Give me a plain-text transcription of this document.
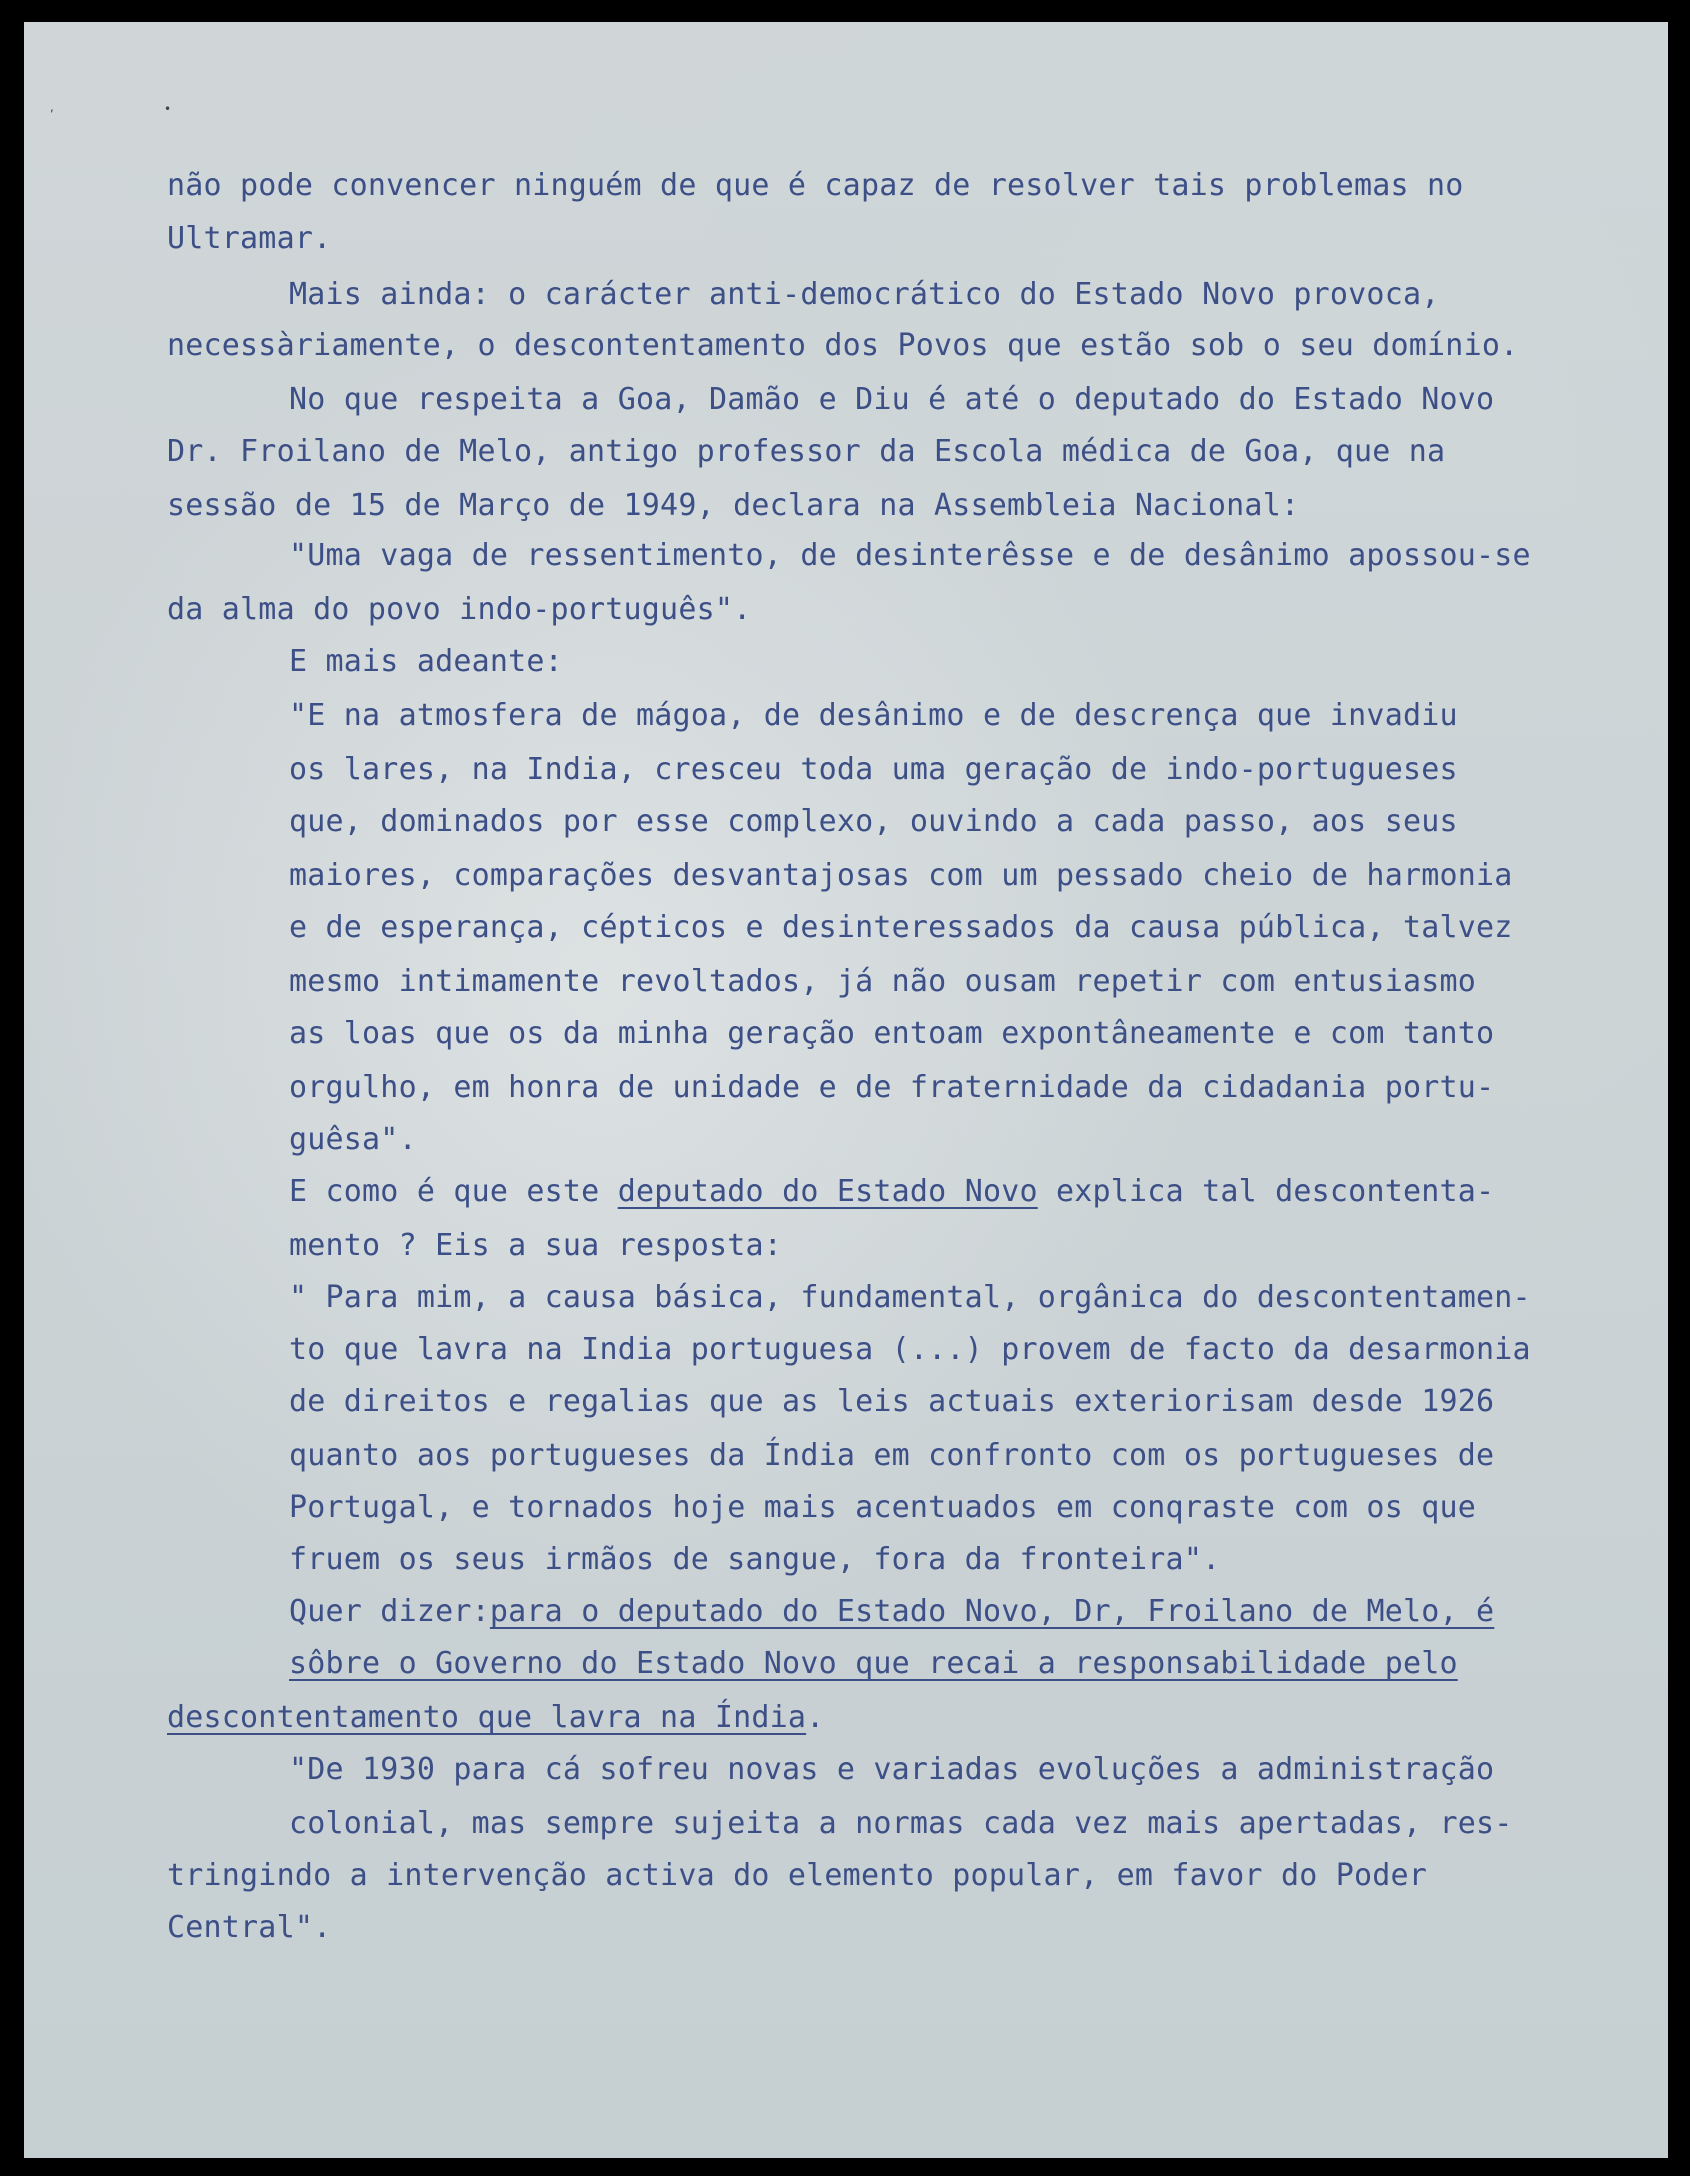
,	•
não pode convencer ninguém de que é capaz de resolver tais problemas no
Ultramar.
Mais ainda: o carácter anti-democrático do Estado Novo provoca,
necessàriamente, o descontentamento dos Povos que estão sob o seu domínio.
No que respeita a Goa, Damão e Diu é até o deputado do Estado Novo
Dr. Froilano de Melo, antigo professor da Escola médica de Goa, que na
sessão de 15 de Março de 1949, declara na Assembleia Nacional:
"Uma vaga de ressentimento, de desinterêsse e de desânimo apossou-se
da alma do povo indo-português".
E mais adeante:
"E na atmosfera de mágoa, de desânimo e de descrença que invadiu
os lares, na India, cresceu toda uma geração de indo-portugueses
que, dominados por esse complexo, ouvindo a cada passo, aos seus
maiores, comparações desvantajosas com um pessado cheio de harmonia
e de esperança, cépticos e desinteressados da causa pública, talvez
mesmo intimamente revoltados, já não ousam repetir com entusiasmo
as loas que os da minha geração entoam expontâneamente e com tanto
orgulho, em honra de unidade e de fraternidade da cidadania portu-
guêsa".
E como é que este deputado do Estado Novo explica tal descontenta-
mento ? Eis a sua resposta:
" Para mim, a causa básica, fundamental, orgânica do descontentamen-
to que lavra na India portuguesa (...) provem de facto da desarmonia
de direitos e regalias que as leis actuais exteriorisam desde 1926
quanto aos portugueses da Índia em confronto com os portugueses de
Portugal, e tornados hoje mais acentuados em conqraste com os que
fruem os seus irmãos de sangue, fora da fronteira".
Quer dizer:para o deputado do Estado Novo, Dr, Froilano de Melo, é
sôbre o Governo do Estado Novo que recai a responsabilidade pelo
descontentamento que lavra na Índia.
"De 1930 para cá sofreu novas e variadas evoluções a administração
colonial, mas sempre sujeita a normas cada vez mais apertadas, res-
tringindo a intervenção activa do elemento popular, em favor do Poder
Central".
